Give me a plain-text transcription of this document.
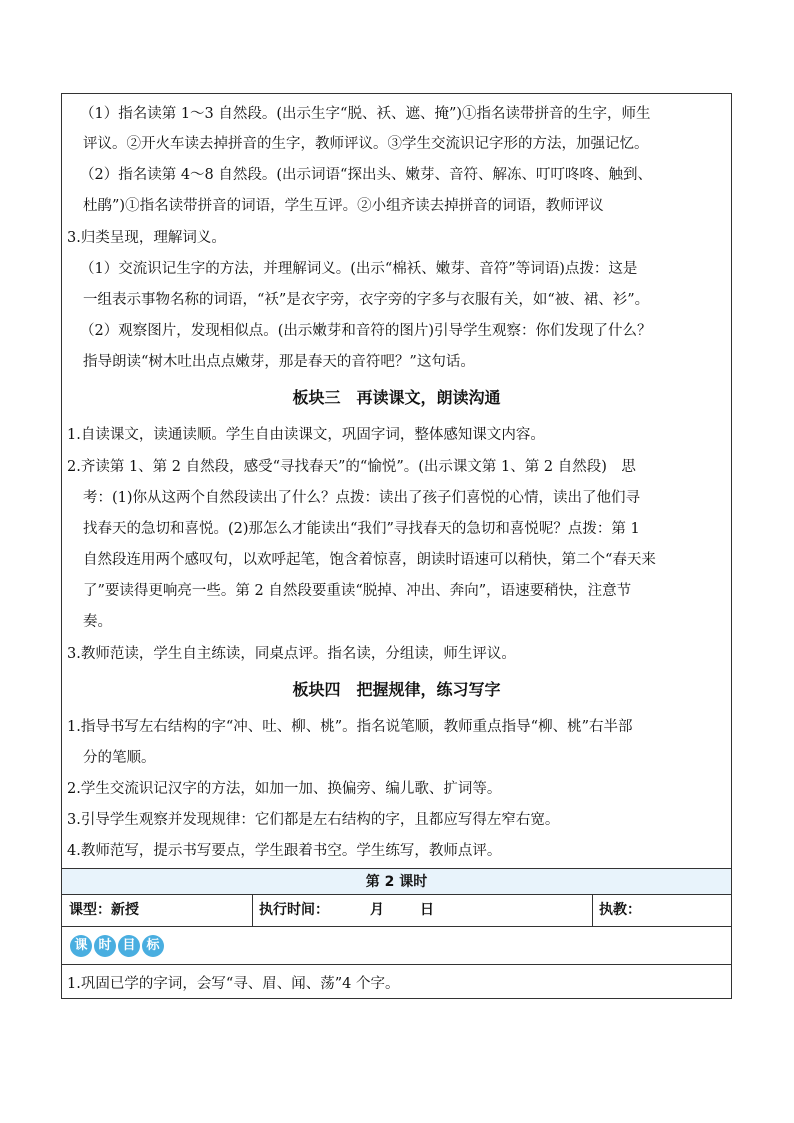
（1）指名读第 1～3 自然段。(出示生字“脱、袄、遮、掩”)①指名读带拼音的生字，师生
评议。②开火车读去掉拼音的生字，教师评议。③学生交流识记字形的方法，加强记忆。
（2）指名读第 4～8 自然段。(出示词语“探出头、嫩芽、音符、解冻、叮叮咚咚、触到、
杜鹃”)①指名读带拼音的词语，学生互评。②小组齐读去掉拼音的词语，教师评议
3.归类呈现，理解词义。
（1）交流识记生字的方法，并理解词义。(出示“棉袄、嫩芽、音符”等词语)点拨：这是
一组表示事物名称的词语，“袄”是衣字旁，衣字旁的字多与衣服有关，如“被、裙、衫”。
（2）观察图片，发现相似点。(出示嫩芽和音符的图片)引导学生观察：你们发现了什么？
指导朗读“树木吐出点点嫩芽，那是春天的音符吧？”这句话。
板块三　再读课文，朗读沟通
1.自读课文，读通读顺。学生自由读课文，巩固字词，整体感知课文内容。
2.齐读第 1、第 2 自然段，感受“寻找春天”的“愉悦”。(出示课文第 1、第 2 自然段)　思
考：(1)你从这两个自然段读出了什么？点拨：读出了孩子们喜悦的心情，读出了他们寻
找春天的急切和喜悦。(2)那怎么才能读出“我们”寻找春天的急切和喜悦呢？点拨：第 1
自然段连用两个感叹句，以欢呼起笔，饱含着惊喜，朗读时语速可以稍快，第二个“春天来
了”要读得更响亮一些。第 2 自然段要重读“脱掉、冲出、奔向”，语速要稍快，注意节
奏。
3.教师范读，学生自主练读，同桌点评。指名读，分组读，师生评议。
板块四　把握规律，练习写字
1.指导书写左右结构的字“冲、吐、柳、桃”。指名说笔顺，教师重点指导“柳、桃”右半部
分的笔顺。
2.学生交流识记汉字的方法，如加一加、换偏旁、编儿歌、扩词等。
3.引导学生观察并发现规律：它们都是左右结构的字，且都应写得左窄右宽。
4.教师范写，提示书写要点，学生跟着书空。学生练写，教师点评。
第 2 课时
课型：新授	执行时间：	月	日	执教：
课 时 目 标
1.巩固已学的字词，会写“寻、眉、闻、荡”4 个字。
